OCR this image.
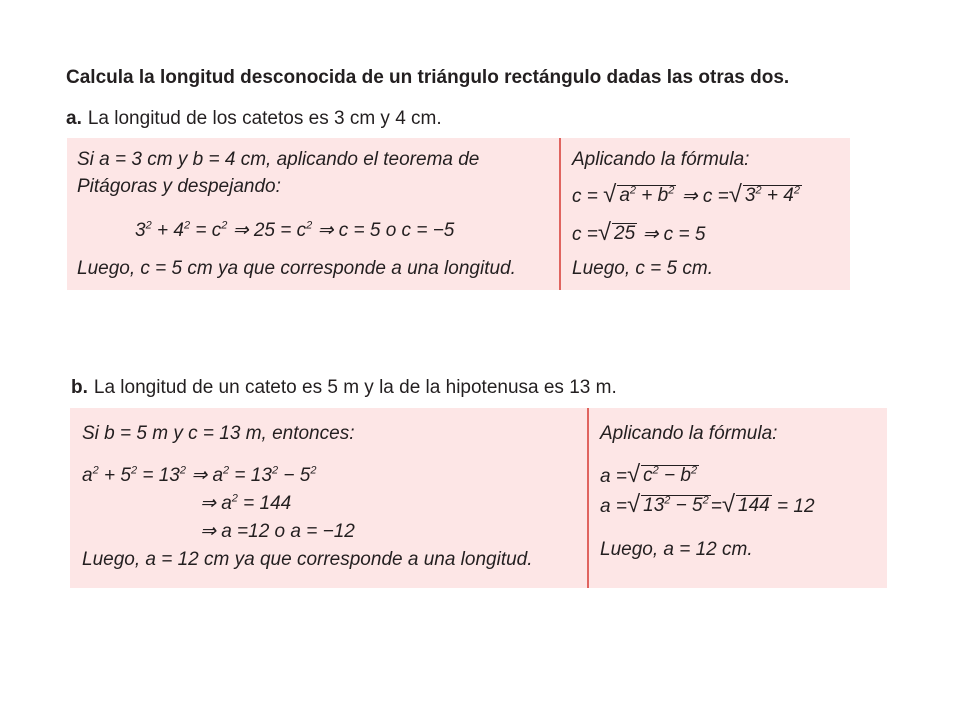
Calcula la longitud desconocida de un triángulo rectángulo dadas las otras dos.
a. La longitud de los catetos es 3 cm y 4 cm.
Si a = 3 cm y b = 4 cm, aplicando el teorema de
Pitágoras y despejando:
$3^2 + 4^2 = c^2$ ⇒ $25 = c^2$ ⇒ c = 5 o c = −5
Luego, c = 5 cm ya que corresponde a una longitud.
Aplicando la fórmula:
c = √ $a^2 + b^2$ ⇒ c = √ $3^2 + 4^2$
c = √ 25 ⇒ c = 5
Luego, c = 5 cm.
b. La longitud de un cateto es 5 m y la de la hipotenusa es 13 m.
Si b = 5 m y c = 13 m, entonces:
$a^2 + 5^2 = 13^2$ ⇒ $a^2 = 13^2 - 5^2$
⇒ $a^2 = 144$
⇒ a =12 o a = −12
Luego, a = 12 cm ya que corresponde a una longitud.
Aplicando la fórmula:
a = √ $c^2 - b^2$
a = √ $13^2 - 5^2$ = √ 144 = 12
Luego, a = 12 cm.
